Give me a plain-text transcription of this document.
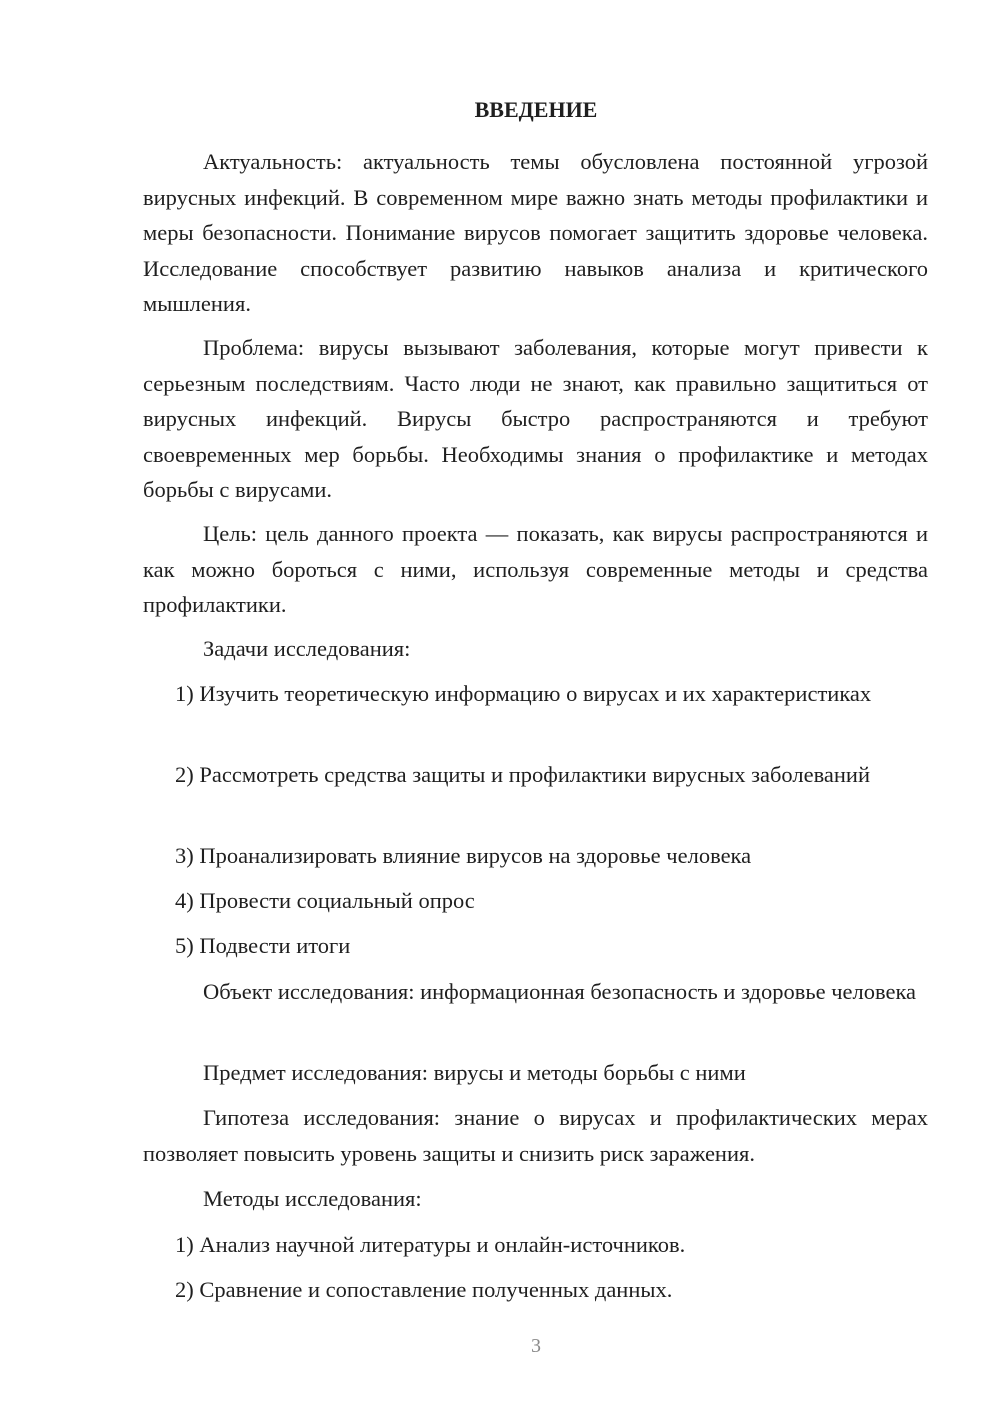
ВВЕДЕНИЕ

Актуальность: актуальность темы обусловлена постоянной угрозой вирусных инфекций. В современном мире важно знать методы профилактики и меры безопасности. Понимание вирусов помогает защитить здоровье человека. Исследование способствует развитию навыков анализа и критического мышления.

Проблема: вирусы вызывают заболевания, которые могут привести к серьезным последствиям. Часто люди не знают, как правильно защититься от вирусных инфекций. Вирусы быстро распространяются и требуют своевременных мер борьбы. Необходимы знания о профилактике и методах борьбы с вирусами.

Цель: цель данного проекта — показать, как вирусы распространяются и как можно бороться с ними, используя современные методы и средства профилактики.

Задачи исследования:

1) Изучить теоретическую информацию о вирусах и их характеристиках

2) Рассмотреть средства защиты и профилактики вирусных заболеваний

3) Проанализировать влияние вирусов на здоровье человека

4) Провести социальный опрос

5) Подвести итоги

Объект исследования: информационная безопасность и здоровье человека

Предмет исследования: вирусы и методы борьбы с ними

Гипотеза исследования: знание о вирусах и профилактических мерах позволяет повысить уровень защиты и снизить риск заражения.

Методы исследования:

1) Анализ научной литературы и онлайн-источников.

2) Сравнение и сопоставление полученных данных.

3
